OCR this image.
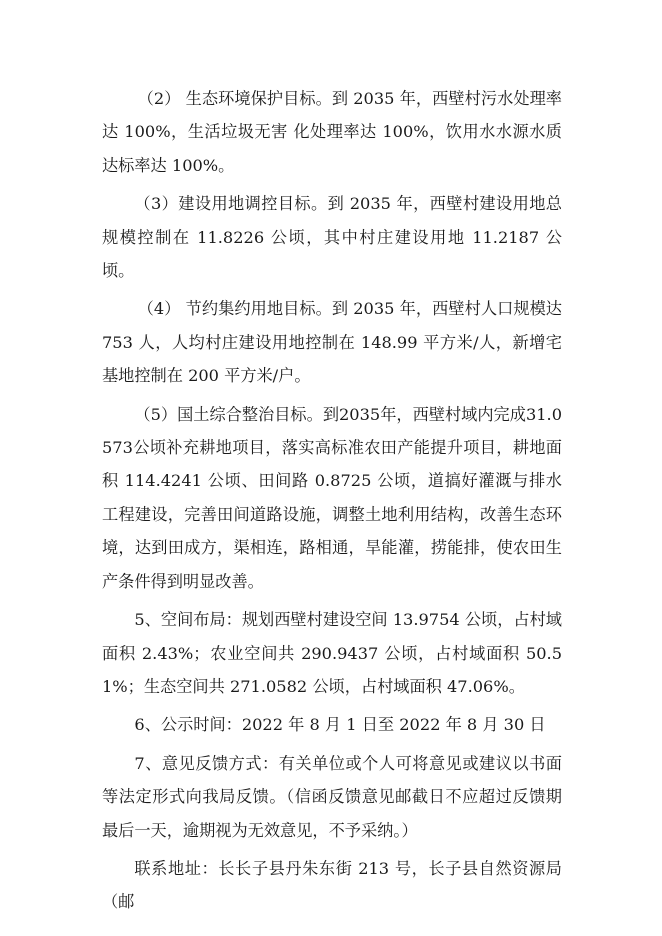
（2） 生态环境保护目标。到 2035 年，西壁村污水处理率达 100%，生活垃圾无害 化处理率达 100%，饮用水水源水质达标率达 100%。

（3）建设用地调控目标。到 2035 年，西壁村建设用地总规模控制在 11.8226 公顷，其中村庄建设用地 11.2187 公顷。

（4） 节约集约用地目标。到 2035 年，西壁村人口规模达 753 人，人均村庄建设用地控制在 148.99 平方米/人，新增宅基地控制在 200 平方米/户。

（5）国土综合整治目标。到2035年，西壁村域内完成31.0573公顷补充耕地项目，落实高标准农田产能提升项目，耕地面积 114.4241 公顷、田间路 0.8725 公顷，道搞好灌溉与排水工程建设，完善田间道路设施，调整土地利用结构，改善生态环境，达到田成方，渠相连，路相通，旱能灌，捞能排，使农田生产条件得到明显改善。

5、空间布局：规划西壁村建设空间 13.9754 公顷，占村域面积 2.43%；农业空间共 290.9437 公顷，占村域面积 50.51%；生态空间共 271.0582 公顷，占村域面积 47.06%。

6、公示时间：2022 年 8 月 1 日至 2022 年 8 月 30 日

7、意见反馈方式：有关单位或个人可将意见或建议以书面等法定形式向我局反馈。（信函反馈意见邮截日不应超过反馈期最后一天，逾期视为无效意见，不予采纳。）

联系地址：长长子县丹朱东街 213 号，长子县自然资源局（邮
